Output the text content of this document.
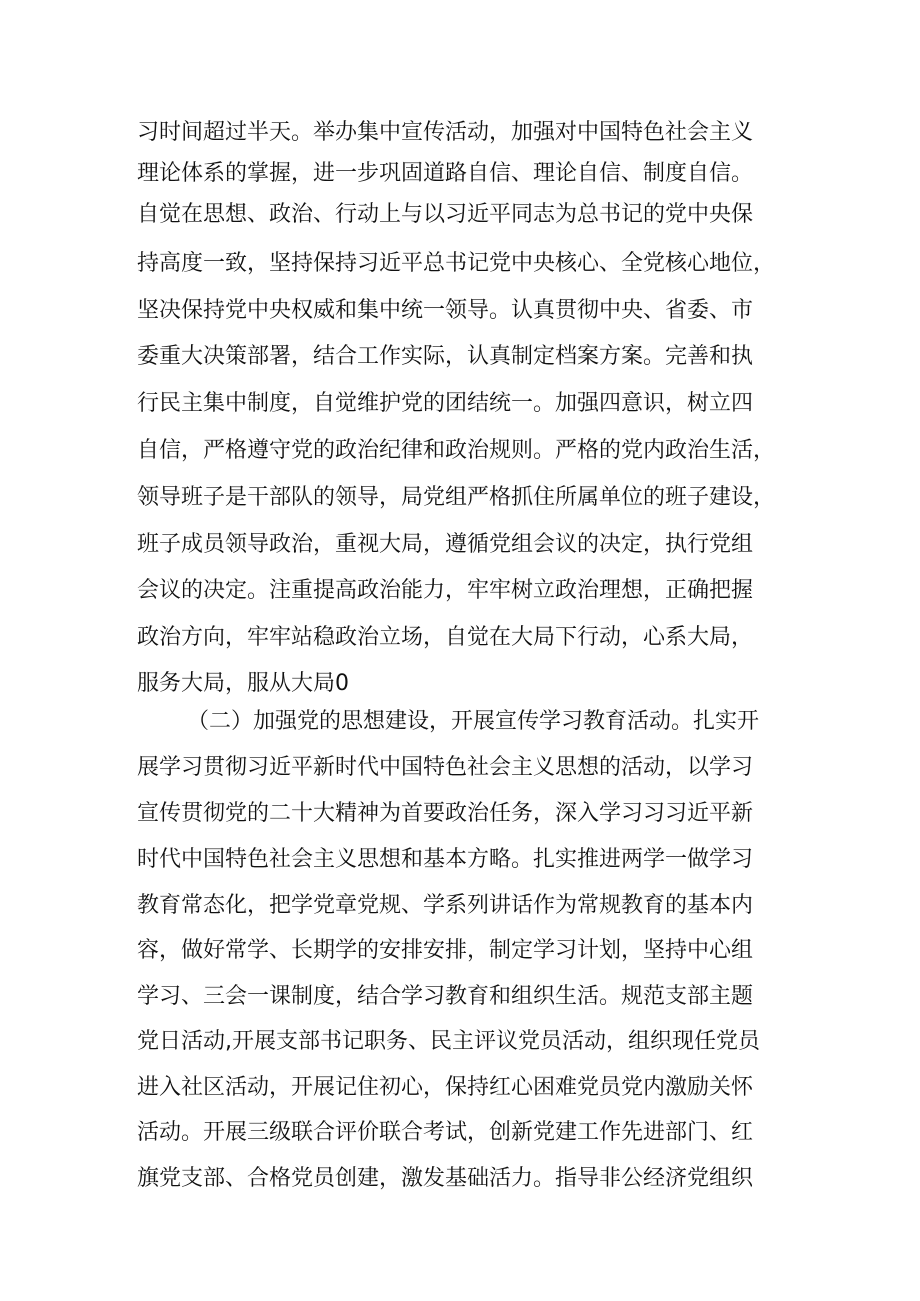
习时间超过半天。举办集中宣传活动，加强对中国特色社会主义
理论体系的掌握，进一步巩固道路自信、理论自信、制度自信。
自觉在思想、政治、行动上与以习近平同志为总书记的党中央保
持高度一致，坚持保持习近平总书记党中央核心、全党核心地位，
坚决保持党中央权威和集中统一领导。认真贯彻中央、省委、市
委重大决策部署，结合工作实际，认真制定档案方案。完善和执
行民主集中制度，自觉维护党的团结统一。加强四意识，树立四
自信，严格遵守党的政治纪律和政治规则。严格的党内政治生活，
领导班子是干部队的领导，局党组严格抓住所属单位的班子建设，
班子成员领导政治，重视大局，遵循党组会议的决定，执行党组
会议的决定。注重提高政治能力，牢牢树立政治理想，正确把握
政治方向，牢牢站稳政治立场，自觉在大局下行动，心系大局，
服务大局，服从大局0
（二）加强党的思想建设，开展宣传学习教育活动。扎实开
展学习贯彻习近平新时代中国特色社会主义思想的活动，以学习
宣传贯彻党的二十大精神为首要政治任务，深入学习习习近平新
时代中国特色社会主义思想和基本方略。扎实推进两学一做学习
教育常态化，把学党章党规、学系列讲话作为常规教育的基本内
容，做好常学、长期学的安排安排，制定学习计划，坚持中心组
学习、三会一课制度，结合学习教育和组织生活。规范支部主题
党日活动,开展支部书记职务、民主评议党员活动，组织现任党员
进入社区活动，开展记住初心，保持红心困难党员党内激励关怀
活动。开展三级联合评价联合考试，创新党建工作先进部门、红
旗党支部、合格党员创建，激发基础活力。指导非公经济党组织
